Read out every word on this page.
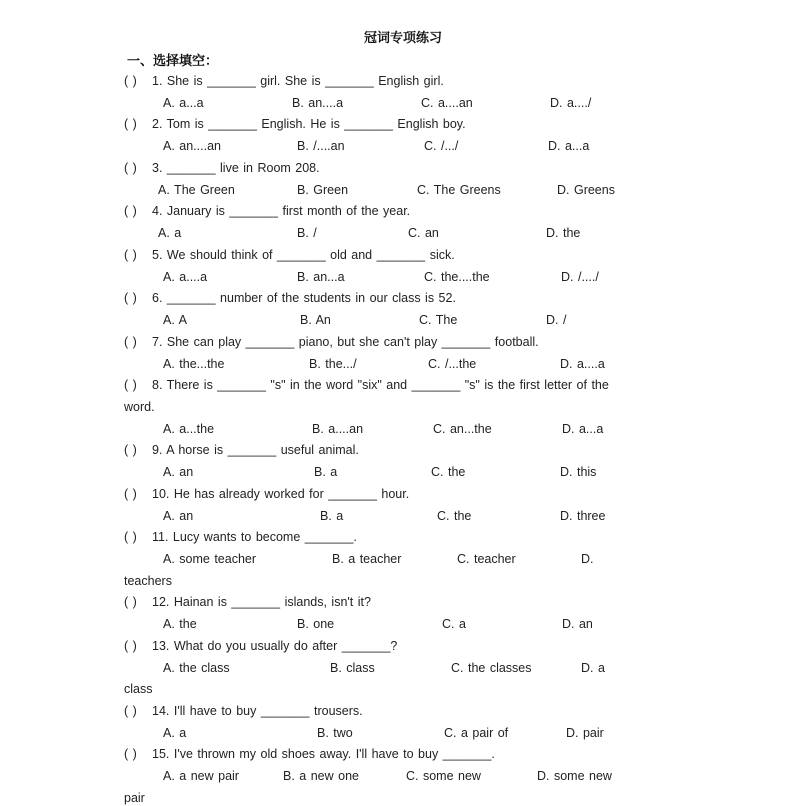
冠词专项练习
一、选择填空：
( ) 1. She is _______ girl. She is _______ English girl.
A. a...a	B. an....a	C. a....an	D. a..../
( ) 2. Tom is _______ English. He is _______ English boy.
A. an....an	B. /....an	C. /.../	D. a...a
( ) 3. _______ live in Room 208.
A. The Green	B. Green	C. The Greens	D. Greens
( ) 4. January is _______ first month of the year.
A. a	B. /	C. an	D. the
( ) 5. We should think of _______ old and _______ sick.
A. a....a	B. an...a	C. the....the	D. /..../
( ) 6. _______ number of the students in our class is 52.
A. A	B. An	C. The	D. /
( ) 7. She can play _______ piano, but she can't play _______ football.
A. the...the	B. the.../	C. /...the	D. a....a
( ) 8. There is _______ "s" in the word "six" and _______ "s" is the first letter of the
word.
A. a...the	B. a....an	C. an...the	D. a...a
( ) 9. A horse is _______ useful animal.
A. an	B. a	C. the	D. this
( ) 10. He has already worked for _______ hour.
A. an	B. a	C. the	D. three
( ) 11. Lucy wants to become _______.
A. some teacher	B. a teacher	C. teacher	D.
teachers
( ) 12. Hainan is _______ islands, isn't it?
A. the	B. one	C. a	D. an
( ) 13. What do you usually do after _______?
A. the class	B. class	C. the classes	D. a
class
( ) 14. I'll have to buy _______ trousers.
A. a	B. two	C. a pair of	D. pair
( ) 15. I've thrown my old shoes away. I'll have to buy _______.
A. a new pair	B. a new one	C. some new	D. some new
pair
